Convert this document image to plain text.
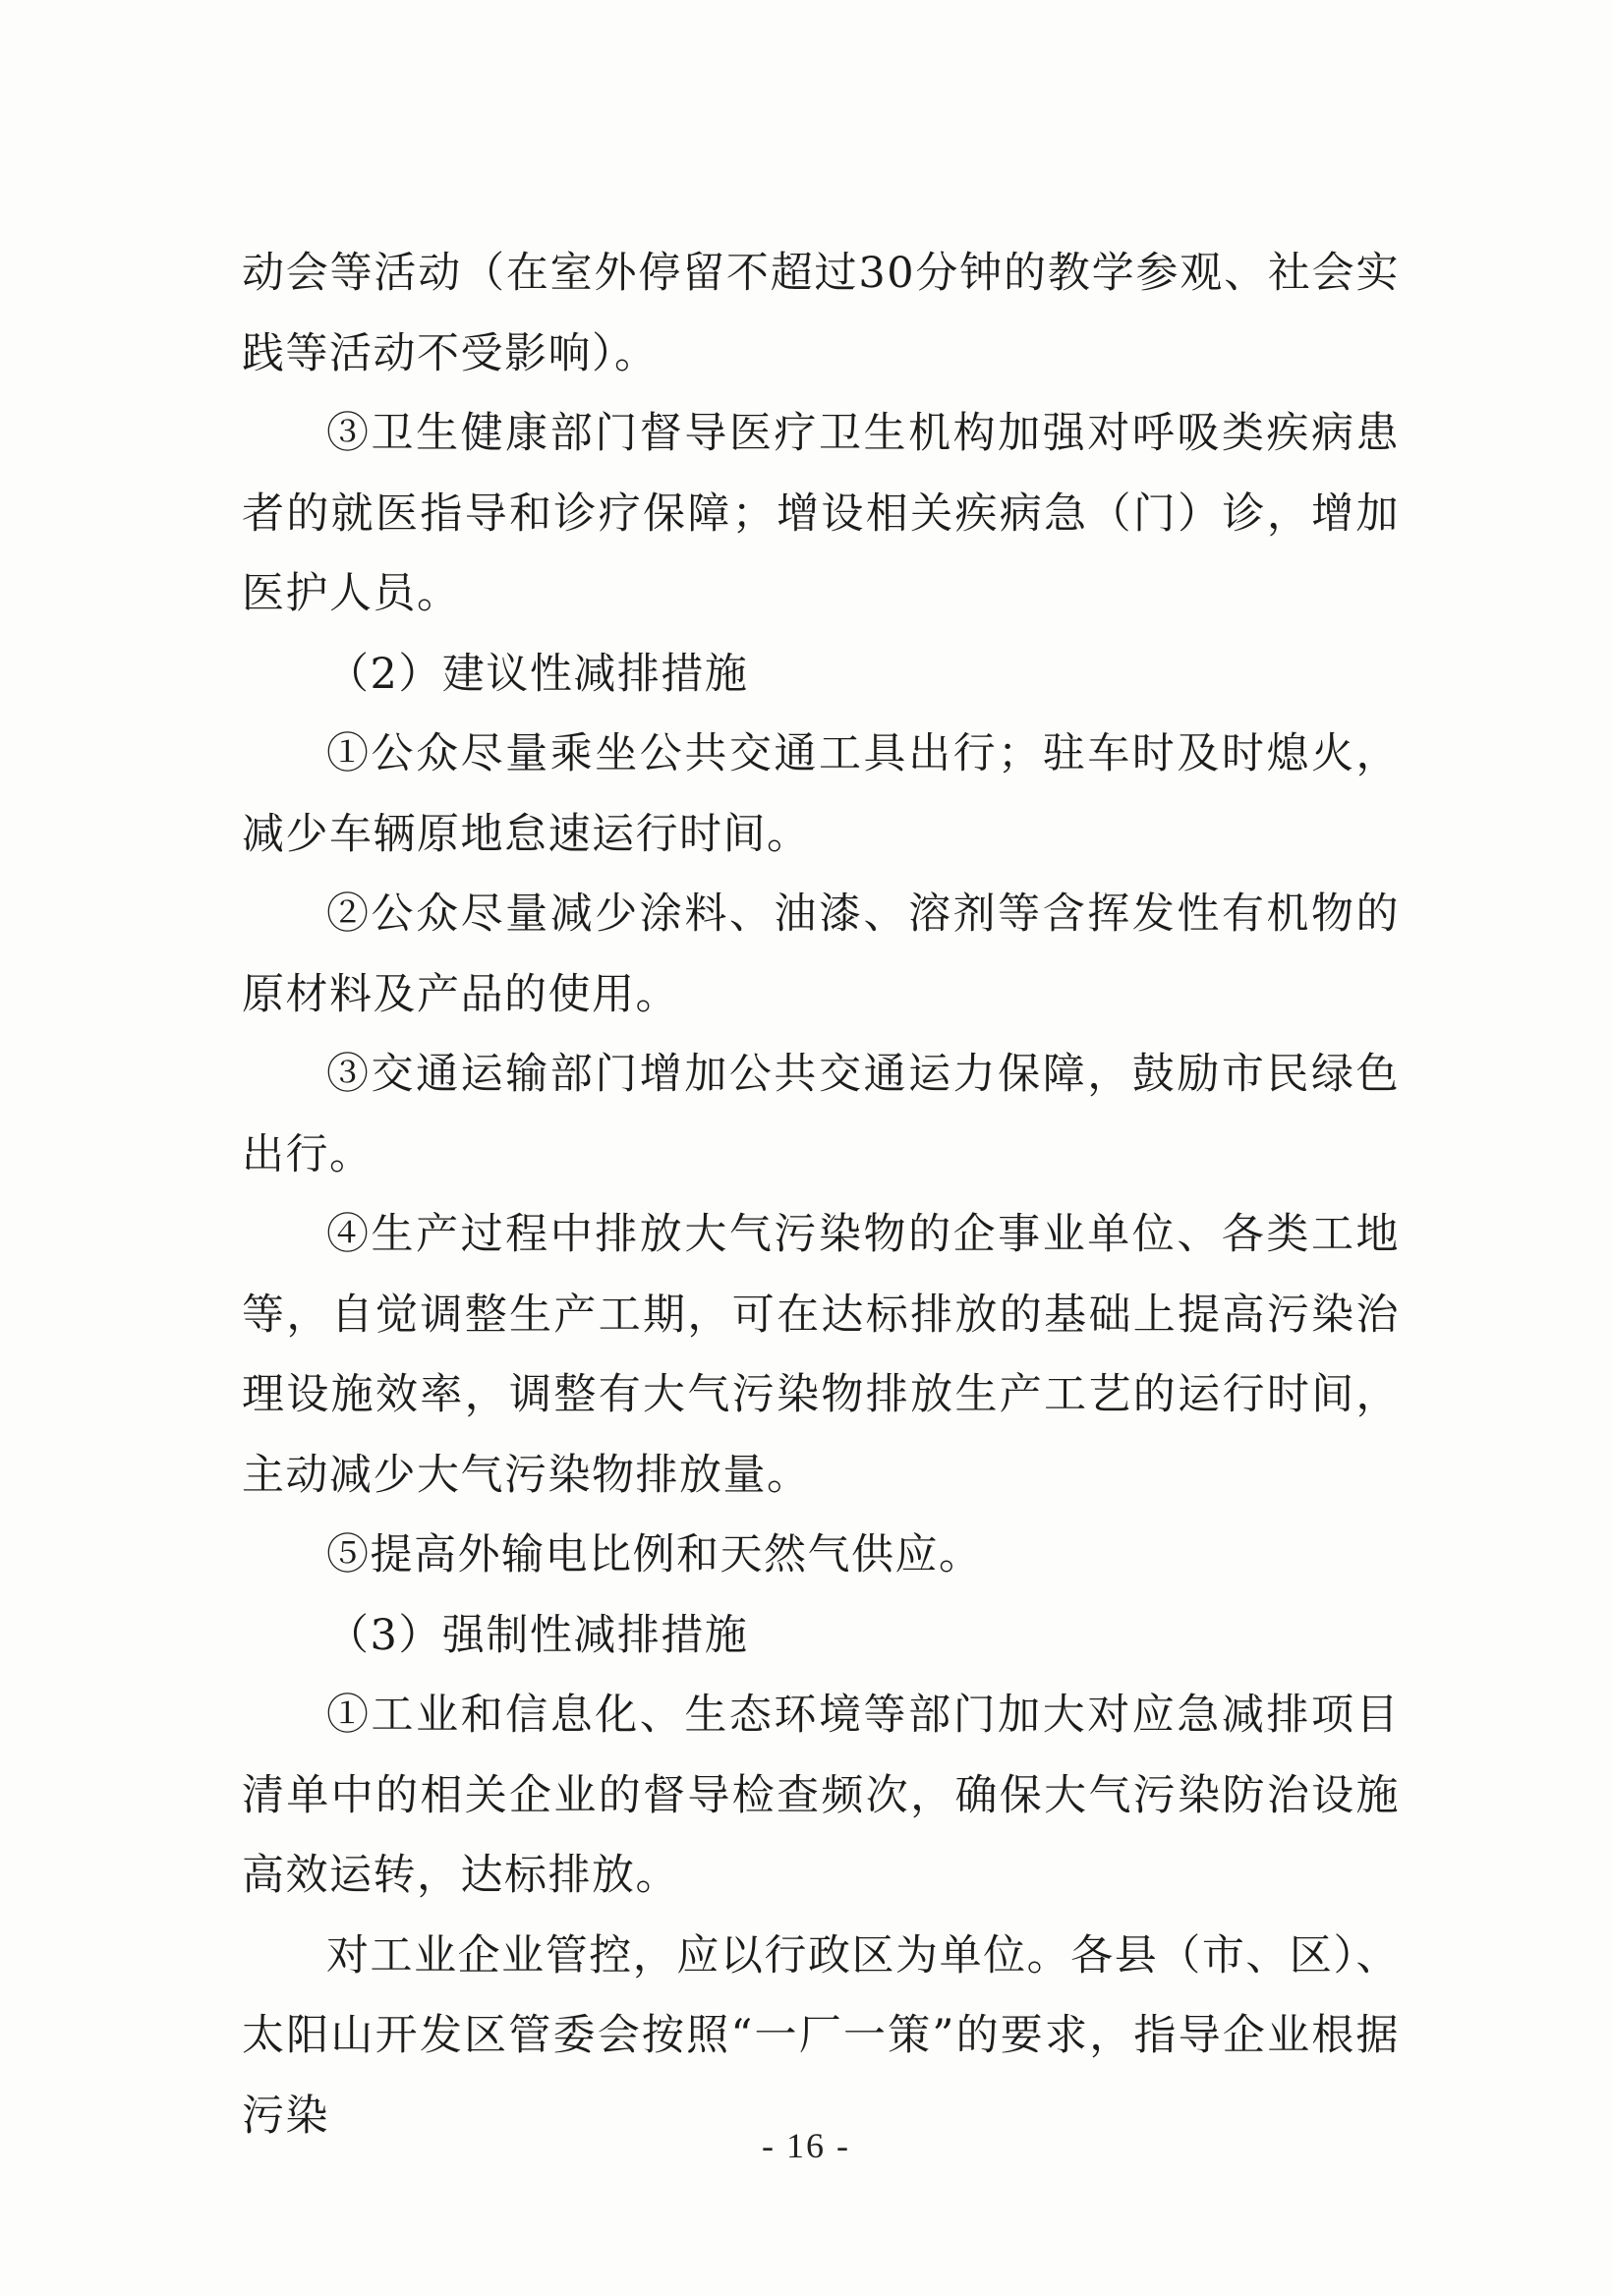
动会等活动（在室外停留不超过30分钟的教学参观、社会实践等活动不受影响）。

③卫生健康部门督导医疗卫生机构加强对呼吸类疾病患者的就医指导和诊疗保障；增设相关疾病急（门）诊，增加医护人员。

（2）建议性减排措施

①公众尽量乘坐公共交通工具出行；驻车时及时熄火，减少车辆原地怠速运行时间。

②公众尽量减少涂料、油漆、溶剂等含挥发性有机物的原材料及产品的使用。

③交通运输部门增加公共交通运力保障，鼓励市民绿色出行。

④生产过程中排放大气污染物的企事业单位、各类工地等，自觉调整生产工期，可在达标排放的基础上提高污染治理设施效率，调整有大气污染物排放生产工艺的运行时间，主动减少大气污染物排放量。

⑤提高外输电比例和天然气供应。

（3）强制性减排措施

①工业和信息化、生态环境等部门加大对应急减排项目清单中的相关企业的督导检查频次，确保大气污染防治设施高效运转，达标排放。

对工业企业管控，应以行政区为单位。各县（市、区）、太阳山开发区管委会按照“一厂一策”的要求，指导企业根据污染

- 16 -
